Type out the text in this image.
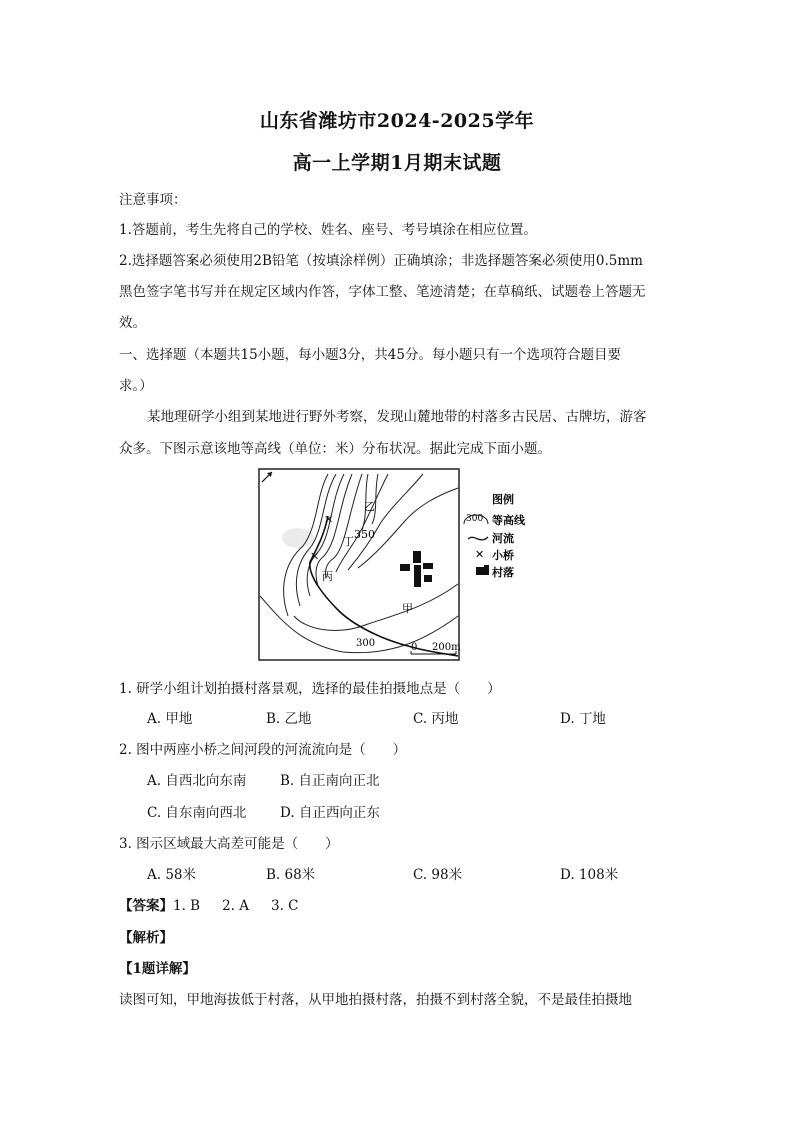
山东省潍坊市2024-2025学年
高一上学期1月期末试题
注意事项：
1.答题前，考生先将自己的学校、姓名、座号、考号填涂在相应位置。
2.选择题答案必须使用2B铅笔（按填涂样例）正确填涂；非选择题答案必须使用0.5mm
黑色签字笔书写并在规定区域内作答，字体工整、笔迹清楚；在草稿纸、试题卷上答题无
效。
一、选择题（本题共15小题，每小题3分，共45分。每小题只有一个选项符合题目要
求。）
某地理研学小组到某地进行野外考察，发现山麓地带的村落多古民居、古牌坊，游客
众多。下图示意该地等高线（单位：米）分布状况。据此完成下面小题。
✕
✕
乙
丁
350
丙
甲
300	0 200m
图例
300 等高线
河流
✕ 小桥
村落
1. 研学小组计划拍摄村落景观，选择的最佳拍摄地点是（　　）
A. 甲地	B. 乙地	C. 丙地	D. 丁地
2. 图中两座小桥之间河段的河流流向是（　　）
A. 自西北向东南 B. 自正南向正北
C. 自东南向西北 D. 自正西向正东
3. 图示区域最大高差可能是（　　）
A. 58米	B. 68米	C. 98米	D. 108米
【答案】1. B 2. A 3. C
【解析】
【1题详解】
读图可知，甲地海拔低于村落，从甲地拍摄村落，拍摄不到村落全貌，不是最佳拍摄地
